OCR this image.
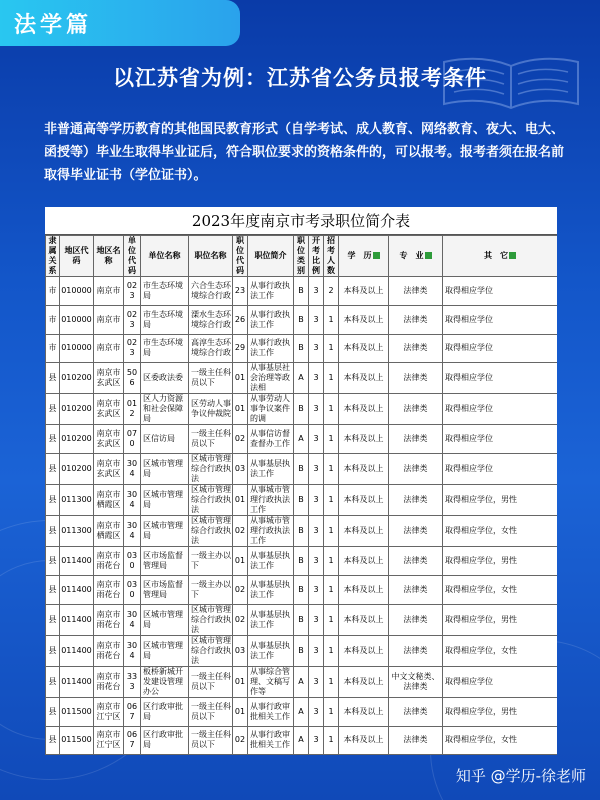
法学篇
以江苏省为例：江苏省公务员报考条件
非普通高等学历教育的其他国民教育形式（自学考试、成人教育、网络教育、夜大、电大、函授等）毕业生取得毕业证后，符合职位要求的资格条件的，可以报考。报考者须在报名前取得毕业证书（学位证书）。
2023年度南京市考录职位简介表
隶属关系	地区代码	地区名称	单位代码	单位名称	职位名称	职位代码	职位简介	职位类别	开考比例	招考人数	学　历	专　业	其　它
市	010000	南京市	023	市生态环境局	六合生态环境综合行政	23	从事行政执法工作	B	3	2	本科及以上	法律类	取得相应学位
市	010000	南京市	023	市生态环境局	溧水生态环境综合行政	26	从事行政执法工作	B	3	1	本科及以上	法律类	取得相应学位
市	010000	南京市	023	市生态环境局	高淳生态环境综合行政	29	从事行政执法工作	B	3	1	本科及以上	法律类	取得相应学位
县	010200	南京市玄武区	506	区委政法委	一级主任科员以下	01	从事基层社会治理等政法相	A	3	1	本科及以上	法律类	取得相应学位
县	010200	南京市玄武区	012	区人力资源和社会保障局	区劳动人事争议仲裁院	01	从事劳动人事争议案件的调	B	3	1	本科及以上	法律类	取得相应学位
县	010200	南京市玄武区	070	区信访局	一级主任科员以下	02	从事信访督查督办工作	A	3	1	本科及以上	法律类	取得相应学位
县	010200	南京市玄武区	304	区城市管理局	区城市管理综合行政执法	03	从事基层执法工作	B	3	1	本科及以上	法律类	取得相应学位
县	011300	南京市栖霞区	304	区城市管理局	区城市管理综合行政执法	01	从事城市管理行政执法工作	B	3	1	本科及以上	法律类	取得相应学位，男性
县	011300	南京市栖霞区	304	区城市管理局	区城市管理综合行政执法	02	从事城市管理行政执法工作	B	3	1	本科及以上	法律类	取得相应学位，女性
县	011400	南京市雨花台	030	区市场监督管理局	一级主办以下	01	从事基层执法工作	B	3	1	本科及以上	法律类	取得相应学位，男性
县	011400	南京市雨花台	030	区市场监督管理局	一级主办以下	02	从事基层执法工作	B	3	1	本科及以上	法律类	取得相应学位，女性
县	011400	南京市雨花台	304	区城市管理局	区城市管理综合行政执法	02	从事基层执法工作	B	3	1	本科及以上	法律类	取得相应学位，男性
县	011400	南京市雨花台	304	区城市管理局	区城市管理综合行政执法	03	从事基层执法工作	B	3	1	本科及以上	法律类	取得相应学位，女性
县	011400	南京市雨花台	333	板桥新城开发建设管理办公	一级主任科员以下	01	从事综合管理、文稿写作等	A	3	1	本科及以上	中文文秘类、法律类	取得相应学位
县	011500	南京市江宁区	067	区行政审批局	一级主任科员以下	01	从事行政审批相关工作	A	3	1	本科及以上	法律类	取得相应学位，男性
县	011500	南京市江宁区	067	区行政审批局	一级主任科员以下	02	从事行政审批相关工作	A	3	1	本科及以上	法律类	取得相应学位，女性

知乎 @学历-徐老师
